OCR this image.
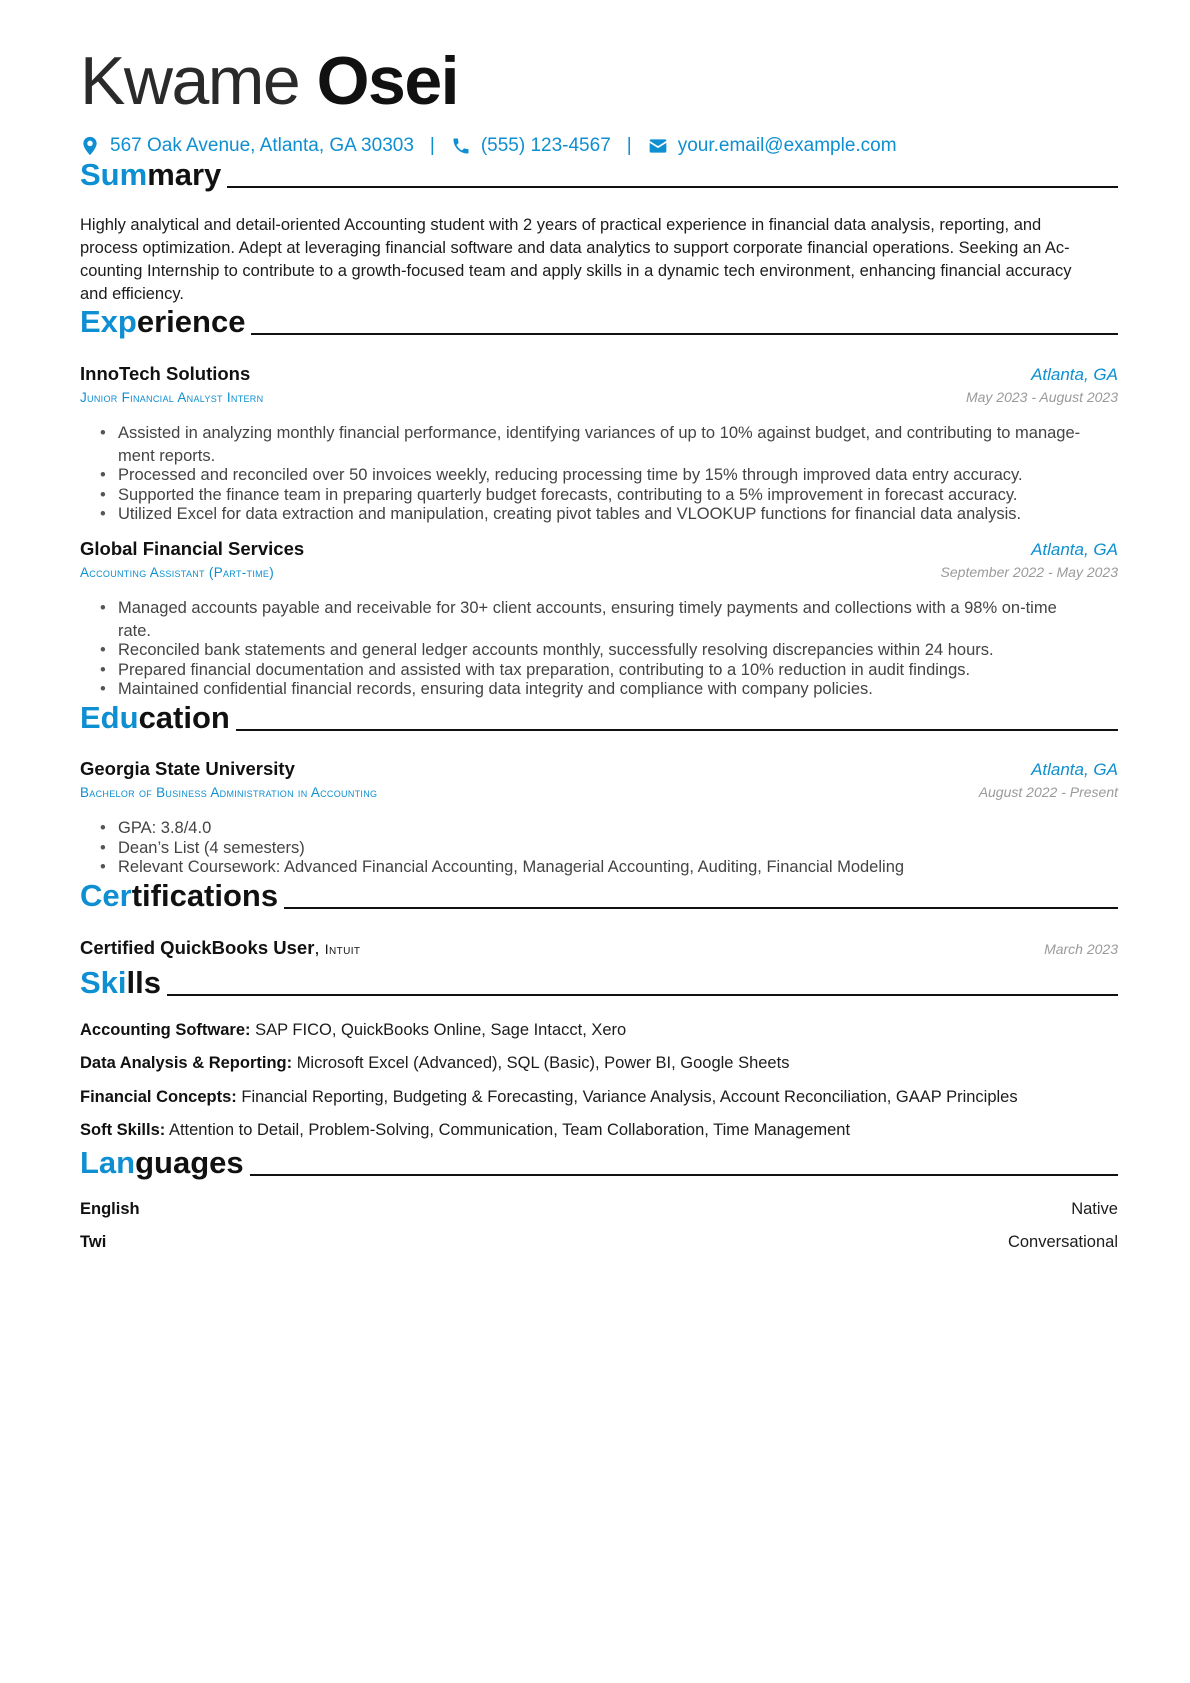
Kwame Osei
567 Oak Avenue, Atlanta, GA 30303 | (555) 123-4567 | your.email@example.com
Summary
Highly analytical and detail-oriented Accounting student with 2 years of practical experience in financial data analysis, reporting, and
process optimization. Adept at leveraging financial software and data analytics to support corporate financial operations. Seeking an Ac-
counting Internship to contribute to a growth-focused team and apply skills in a dynamic tech environment, enhancing financial accuracy
and efficiency.
Experience
InnoTech Solutions	Atlanta, GA
Junior Financial Analyst Intern	May 2023 - August 2023
• Assisted in analyzing monthly financial performance, identifying variances of up to 10% against budget, and contributing to manage-
ment reports.
• Processed and reconciled over 50 invoices weekly, reducing processing time by 15% through improved data entry accuracy.
• Supported the finance team in preparing quarterly budget forecasts, contributing to a 5% improvement in forecast accuracy.
• Utilized Excel for data extraction and manipulation, creating pivot tables and VLOOKUP functions for financial data analysis.
Global Financial Services	Atlanta, GA
Accounting Assistant (Part-time)	September 2022 - May 2023
• Managed accounts payable and receivable for 30+ client accounts, ensuring timely payments and collections with a 98% on-time
rate.
• Reconciled bank statements and general ledger accounts monthly, successfully resolving discrepancies within 24 hours.
• Prepared financial documentation and assisted with tax preparation, contributing to a 10% reduction in audit findings.
• Maintained confidential financial records, ensuring data integrity and compliance with company policies.
Education
Georgia State University	Atlanta, GA
Bachelor of Business Administration in Accounting	August 2022 - Present
• GPA: 3.8/4.0
• Dean’s List (4 semesters)
• Relevant Coursework: Advanced Financial Accounting, Managerial Accounting, Auditing, Financial Modeling
Certifications
Certified QuickBooks User, Intuit	March 2023
Skills
Accounting Software: SAP FICO, QuickBooks Online, Sage Intacct, Xero
Data Analysis & Reporting: Microsoft Excel (Advanced), SQL (Basic), Power BI, Google Sheets
Financial Concepts: Financial Reporting, Budgeting & Forecasting, Variance Analysis, Account Reconciliation, GAAP Principles
Soft Skills: Attention to Detail, Problem-Solving, Communication, Team Collaboration, Time Management
Languages
English	Native
Twi	Conversational
